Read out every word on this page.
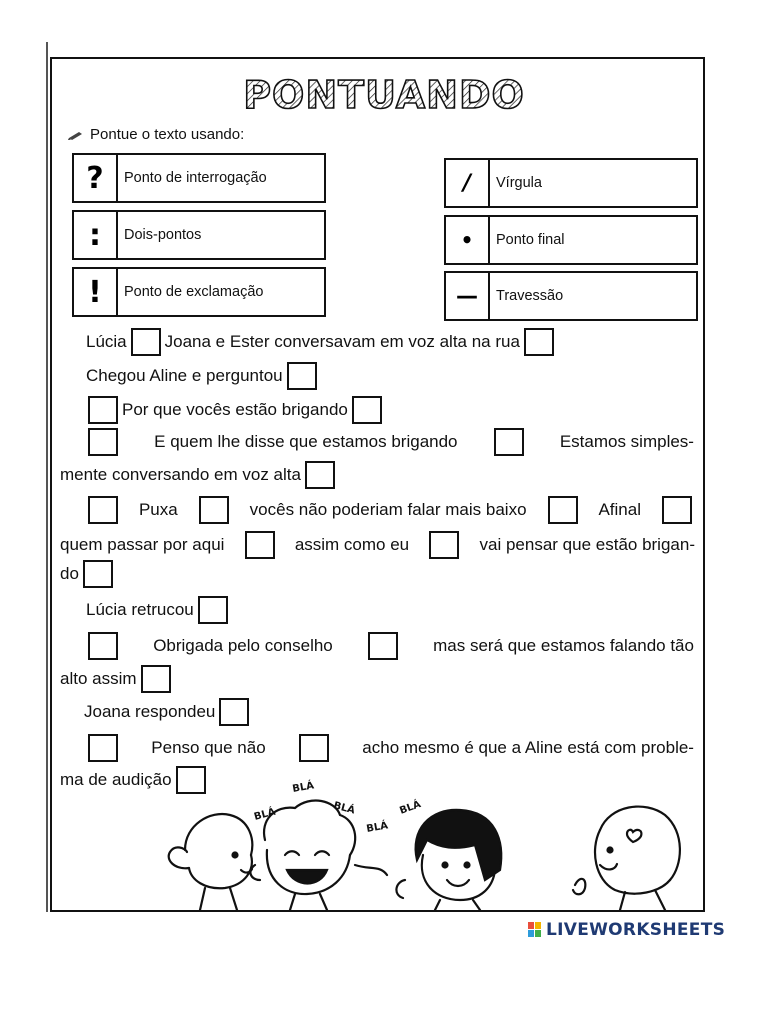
PONTUANDO
Pontue o texto usando:
?	Ponto de interrogação
:	Dois-pontos
!	Ponto de exclamação
/	Vírgula
•	Ponto final
—	Travessão
Lúcia Joana e Ester conversavam em voz alta na rua
Chegou Aline e perguntou
Por que vocês estão brigando
E quem lhe disse que estamos brigando	Estamos simples-
mente conversando em voz alta
Puxa	vocês não poderiam falar mais baixo	Afinal
quem passar por aqui	assim como eu	vai pensar que estão brigan-
do
Lúcia retrucou
Obrigada pelo conselho	mas será que estamos falando tão
alto assim
Joana respondeu
Penso que não	acho mesmo é que a Aline está com proble-
ma de audição
BLÁ
BLÁ
BLÁ
BLÁ
BLÁ
LIVEWORKSHEETS
